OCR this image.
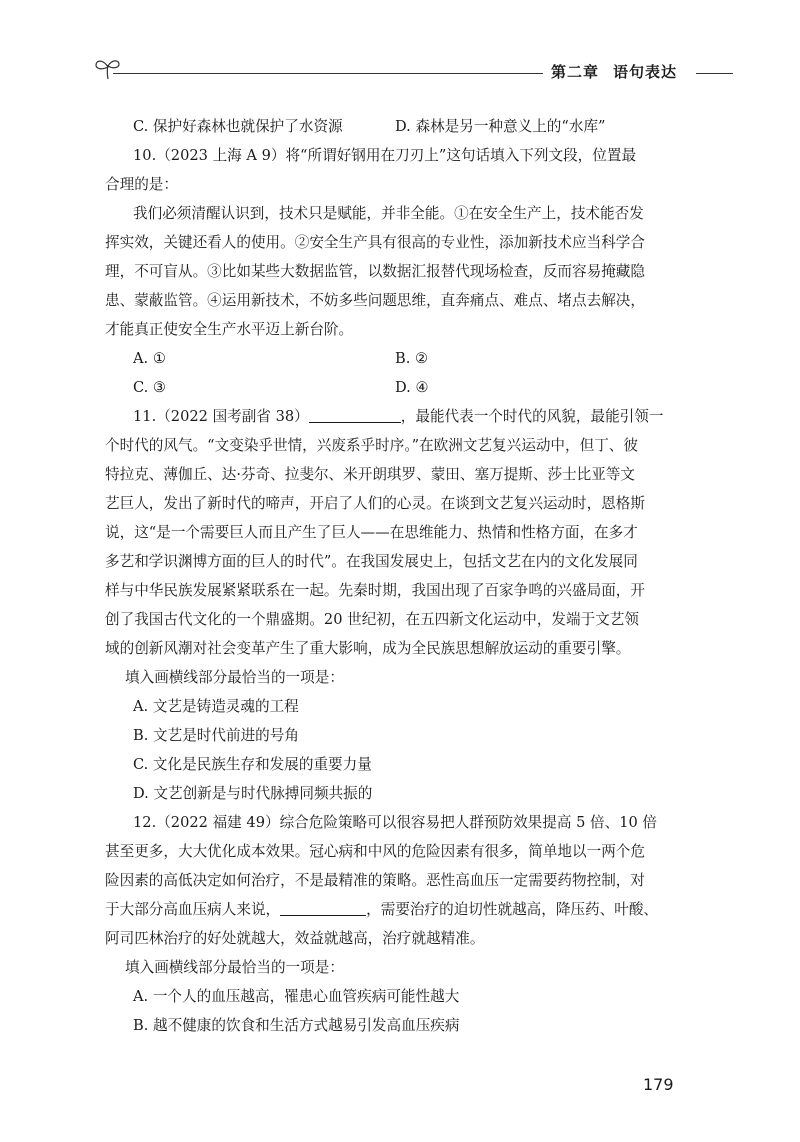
第二章 语句表达
C. 保护好森林也就保护了水资源	D. 森林是另一种意义上的“水库”
10.（2023 上海 A 9）将“所谓好钢用在刀刃上”这句话填入下列文段，位置最
合理的是：
我们必须清醒认识到，技术只是赋能，并非全能。①在安全生产上，技术能否发
挥实效，关键还看人的使用。②安全生产具有很高的专业性，添加新技术应当科学合
理，不可盲从。③比如某些大数据监管，以数据汇报替代现场检查，反而容易掩藏隐
患、蒙蔽监管。④运用新技术，不妨多些问题思维，直奔痛点、难点、堵点去解决，
才能真正使安全生产水平迈上新台阶。
A. ①	B. ②
C. ③	D. ④
11.（2022 国考副省 38）	，最能代表一个时代的风貌，最能引领一
个时代的风气。“文变染乎世情，兴废系乎时序。”在欧洲文艺复兴运动中，但丁、彼
特拉克、薄伽丘、达·芬奇、拉斐尔、米开朗琪罗、蒙田、塞万提斯、莎士比亚等文
艺巨人，发出了新时代的啼声，开启了人们的心灵。在谈到文艺复兴运动时，恩格斯
说，这“是一个需要巨人而且产生了巨人——在思维能力、热情和性格方面，在多才
多艺和学识渊博方面的巨人的时代”。在我国发展史上，包括文艺在内的文化发展同
样与中华民族发展紧紧联系在一起。先秦时期，我国出现了百家争鸣的兴盛局面，开
创了我国古代文化的一个鼎盛期。20 世纪初，在五四新文化运动中，发端于文艺领
域的创新风潮对社会变革产生了重大影响，成为全民族思想解放运动的重要引擎。
填入画横线部分最恰当的一项是：
A. 文艺是铸造灵魂的工程
B. 文艺是时代前进的号角
C. 文化是民族生存和发展的重要力量
D. 文艺创新是与时代脉搏同频共振的
12.（2022 福建 49）综合危险策略可以很容易把人群预防效果提高 5 倍、10 倍
甚至更多，大大优化成本效果。冠心病和中风的危险因素有很多，简单地以一两个危
险因素的高低决定如何治疗，不是最精准的策略。恶性高血压一定需要药物控制，对
于大部分高血压病人来说，	，需要治疗的迫切性就越高，降压药、叶酸、
阿司匹林治疗的好处就越大，效益就越高，治疗就越精准。
填入画横线部分最恰当的一项是：
A. 一个人的血压越高，罹患心血管疾病可能性越大
B. 越不健康的饮食和生活方式越易引发高血压疾病
179
